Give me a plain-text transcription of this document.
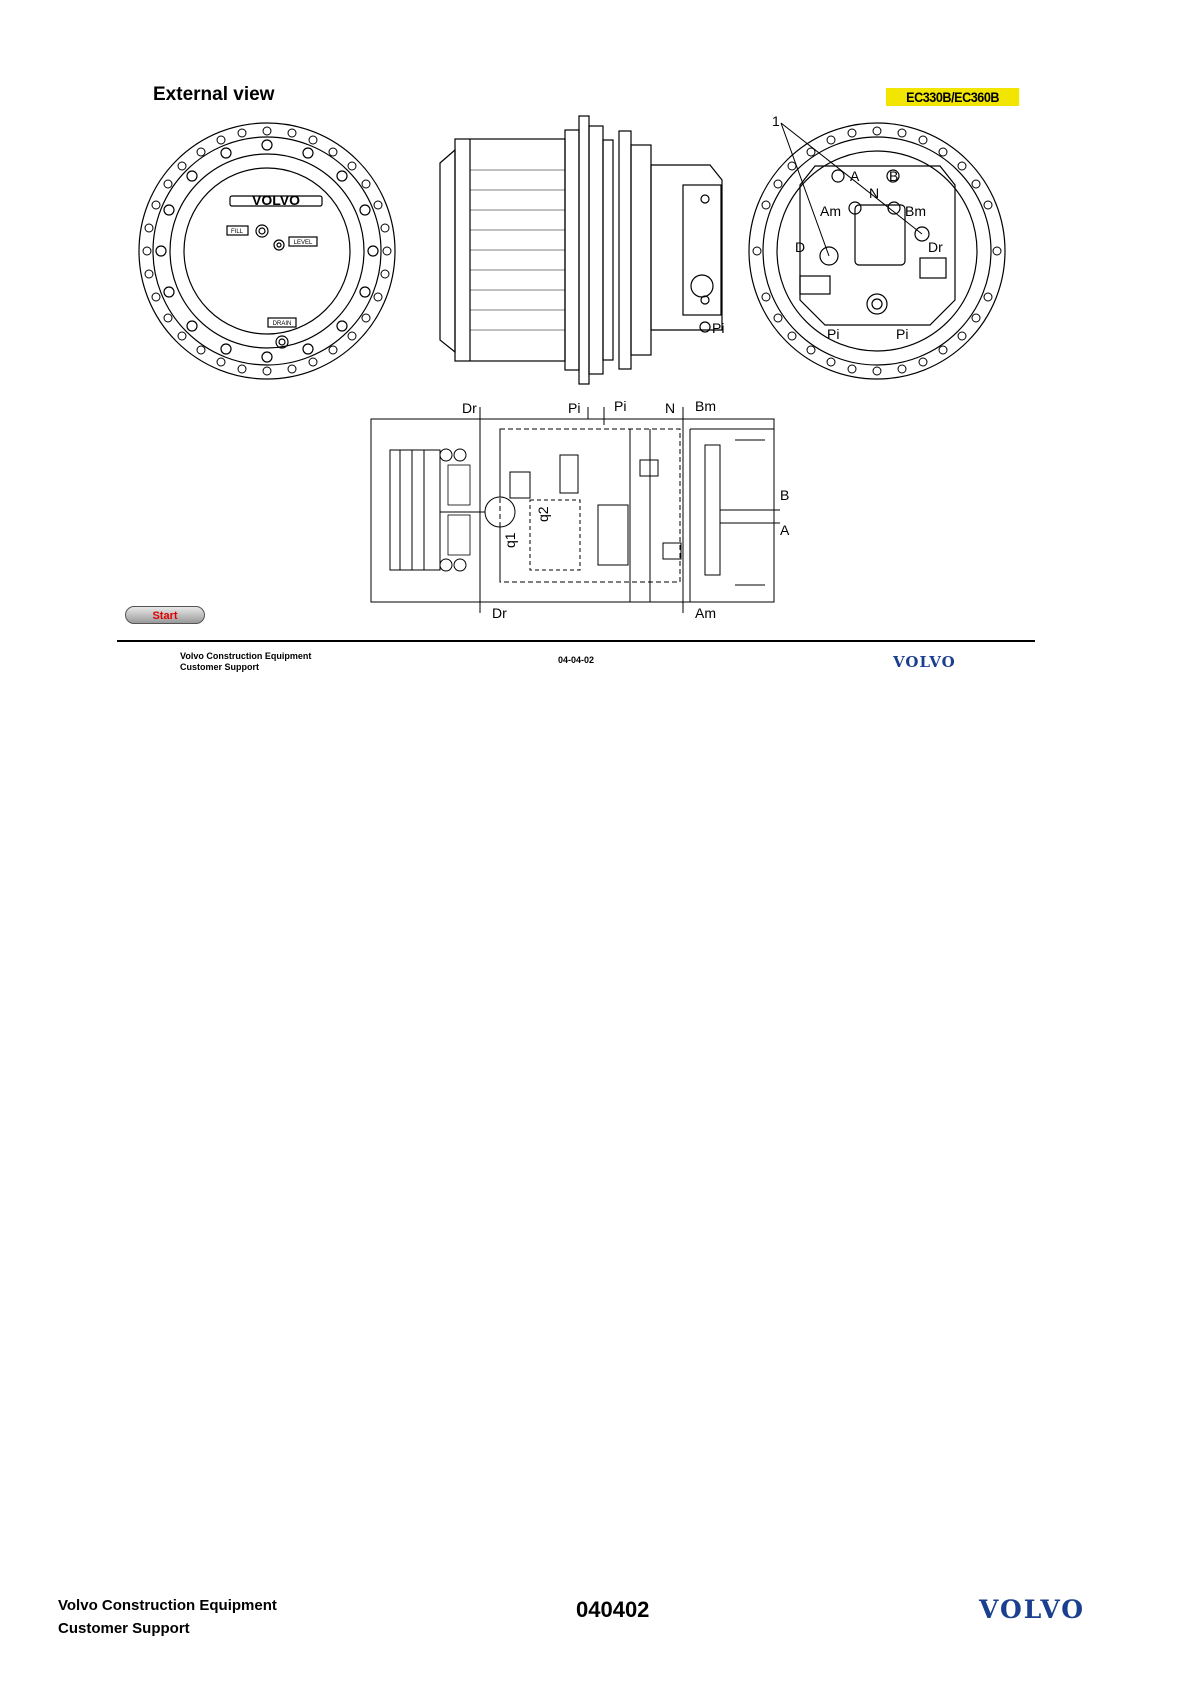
External view	EC330B/EC360B
VOLVO
FILL
LEVEL
DRAIN	Pi
1
A B
N
Am	Bm
D	Dr
Pi	Pi
Dr	Pi Pi	N Bm
B
A
Dr	Am
q1
q2
Start
Volvo Construction Equipment
Customer Support
04-04-02	VOLVO
Volvo Construction Equipment
Customer Support
040402	VOLVO
